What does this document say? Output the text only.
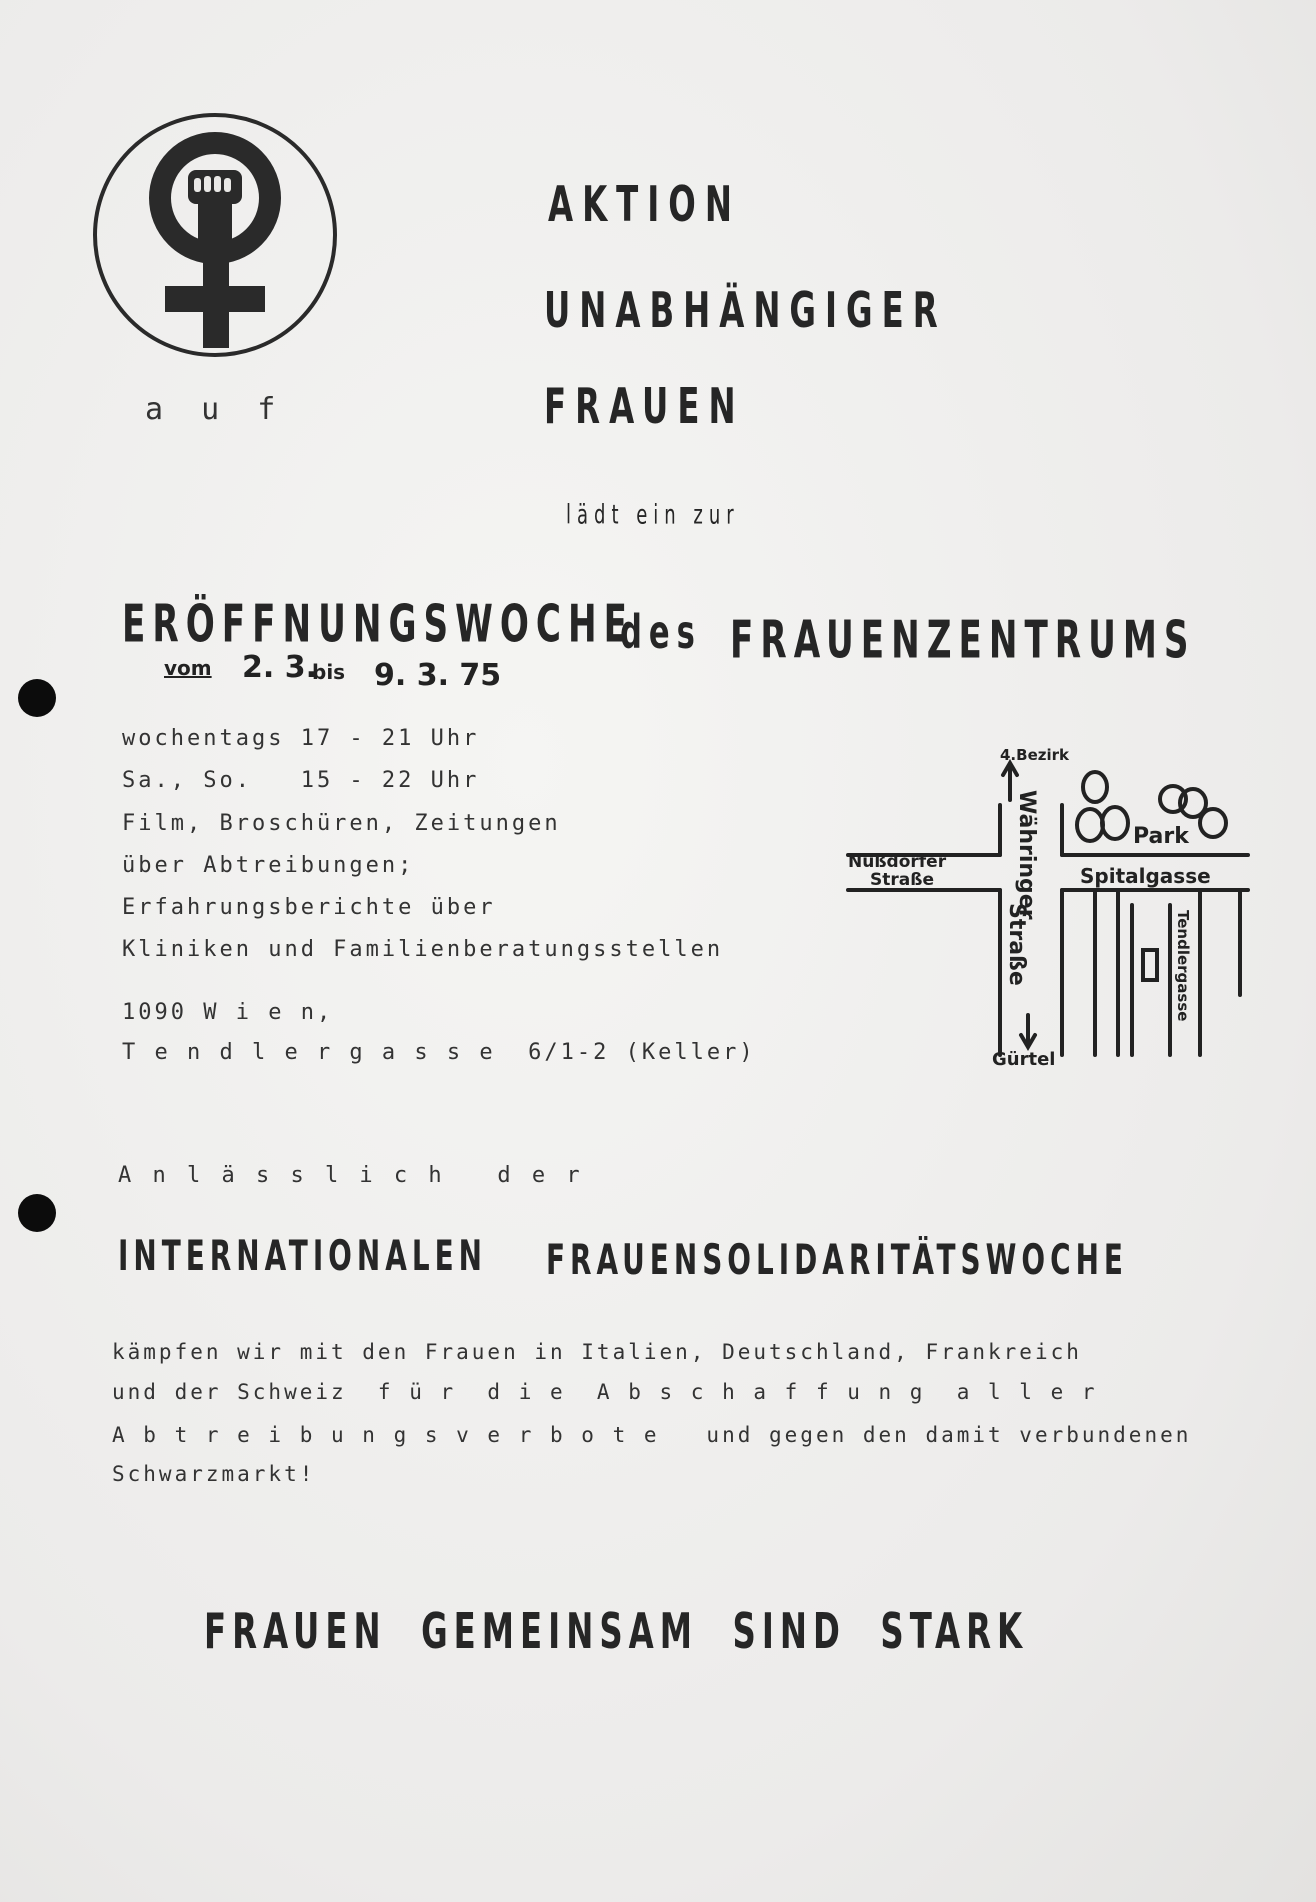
a u f
AKTION
UNABHÄNGIGER
FRAUEN
lädt ein zur
ERÖFFNUNGSWOCHE
des FRAUENZENTRUMS
vom 2. 3.
bis 9. 3. 75
wochentags 17 - 21 Uhr
Sa., So.   15 - 22 Uhr
Film, Broschüren, Zeitungen
über Abtreibungen;
Erfahrungsberichte über
Kliniken und Familienberatungsstellen
1090 W i e n,
T e n d l e r g a s s e  6/1-2 (Keller)
4.Bezirk
Nußdorfer
Straße	Währinger
Straße
Park
Spitalgasse
Tendlergasse
Gürtel
A n l ä s s l i c h   d e r
INTERNATIONALEN FRAUENSOLIDARITÄTSWOCHE
kämpfen wir mit den Frauen in Italien, Deutschland, Frankreich
und der Schweiz  f ü r  d i e  A b s c h a f f u n g  a l l e r
A b t r e i b u n g s v e r b o t e   und gegen den damit verbundenen
Schwarzmarkt!
FRAUEN  GEMEINSAM  SIND  STARK
